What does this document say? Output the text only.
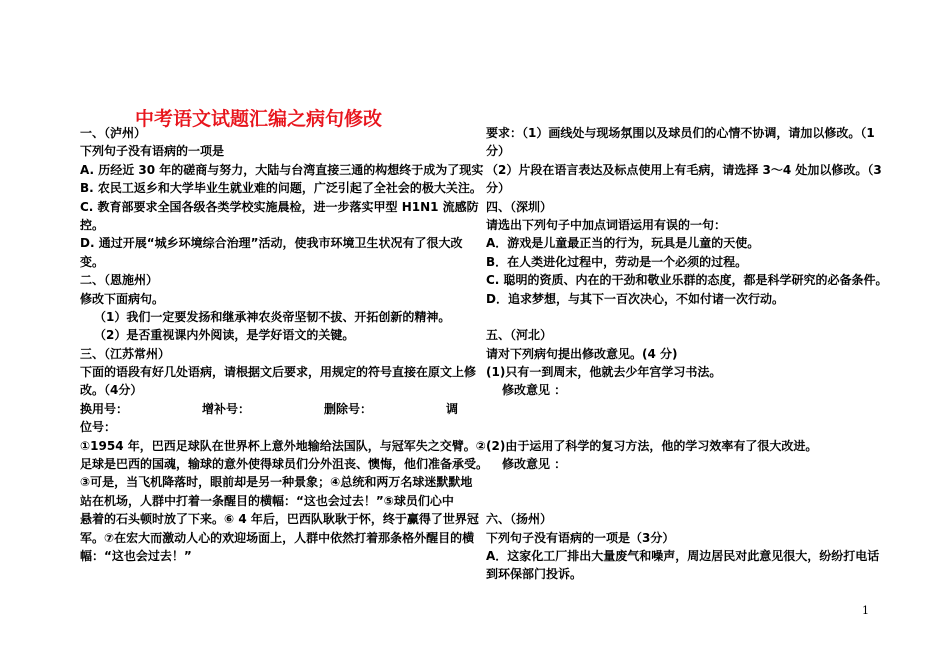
中考语文试题汇编之病句修改
一、（泸州）
下列句子没有语病的一项是
A. 历经近 30 年的磋商与努力，大陆与台湾直接三通的构想终于成为了现 实
B. 农民工返乡和大学毕业生就业难的问题，广泛引起了全社会的极大关注。
C. 教育部要求全国各级各类学校实施晨检，进一步落实甲型 H1N1 流感防
控。
D. 通过开展“城乡环境综合治理”活动，使我市环境卫生状况有了很大改
变。
二、（恩施州）
修改下面病句。
（1）我们一定要发扬和继承神农炎帝坚韧不拔、开拓创新的精神。
（2）是否重视课内外阅读，是学好语文的关键。
三、（江苏常州）
下面的语段有好几处语病，请根据文后要求，用规定的符号直接在原文上修
改。（4分）
换用号：	增补号：	删除号：	调
位号：
①1954 年，巴西足球队在世界杯上意外地输给法国队，与冠军失之交臂。②
足球是巴西的国魂，输球的意外使得球员们分外沮丧、懊悔，他们准备承受。
③可是，当飞机降落时，眼前却是另一种景象；④总统和两万名球迷默默地
站在机场，人群中打着一条醒目的横幅：“这也会过去！”⑤球员们心中
悬着的石头顿时放了下来。⑥ 4 年后，巴西队耿耿于怀，终于赢得了世界冠
军。⑦在宏大而激动人心的欢迎场面上，人群中依然打着那条格外醒目的横
幅：“这也会过去！”
要求：（1）画线处与现场氛围以及球员们的心情不协调，请加以修改。（1
分）
（2）片段在语言表达及标点使用上有毛病，请选择 3～4 处加以修改。（3
分）
四、（深圳）
请选出下列句子中加点词语运用有误的一句：
A．游戏是儿童最正当的行为，玩具是儿童的天使。
B．在人类进化过程中，劳动是一个必须的过程。
C. 聪明的资质、内在的干劲和敬业乐群的态度，都是科学研究的必备条件。
D．追求梦想，与其下一百次决心，不如付诸一次行动。
五、（河北）
请对下列病句提出修改意见。(4 分)
(1)只有一到周末，他就去少年宫学习书法。
修改意见 ：
(2)由于运用了科学的复习方法，他的学习效率有了很大改进。
修改意见 ：
六、（扬州）
下列句子没有语病的一项是（3分）
A．这家化工厂排出大量废气和噪声，周边居民对此意见很大，纷纷打电话
到环保部门投诉。
1
